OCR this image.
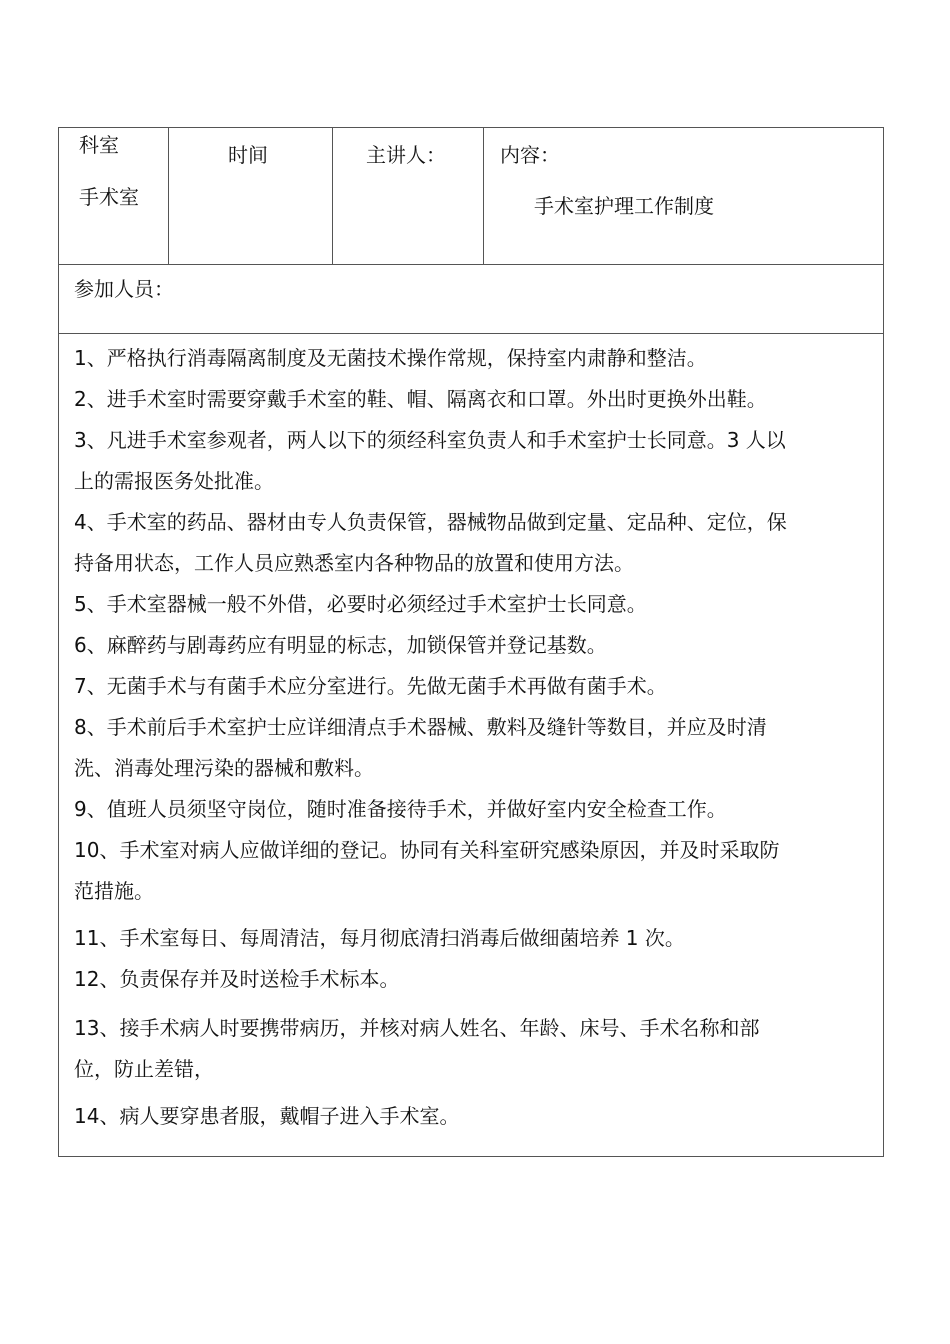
科室
手术室
时间	主讲人：	内容：
手术室护理工作制度
参加人员：
1、严格执行消毒隔离制度及无菌技术操作常规，保持室内肃静和整洁。
2、进手术室时需要穿戴手术室的鞋、帽、隔离衣和口罩。外出时更换外出鞋。
3、凡进手术室参观者，两人以下的须经科室负责人和手术室护士长同意。3 人以
上的需报医务处批准。
4、手术室的药品、器材由专人负责保管，器械物品做到定量、定品种、定位，保
持备用状态，工作人员应熟悉室内各种物品的放置和使用方法。
5、手术室器械一般不外借，必要时必须经过手术室护士长同意。
6、麻醉药与剧毒药应有明显的标志，加锁保管并登记基数。
7、无菌手术与有菌手术应分室进行。先做无菌手术再做有菌手术。
8、手术前后手术室护士应详细清点手术器械、敷料及缝针等数目，并应及时清
洗、消毒处理污染的器械和敷料。
9、值班人员须坚守岗位，随时准备接待手术，并做好室内安全检查工作。
10、手术室对病人应做详细的登记。协同有关科室研究感染原因，并及时采取防
范措施。
11、手术室每日、每周清洁，每月彻底清扫消毒后做细菌培养 1 次。
12、负责保存并及时送检手术标本。
13、接手术病人时要携带病历，并核对病人姓名、年龄、床号、手术名称和部
位，防止差错，
14、病人要穿患者服，戴帽子进入手术室。
